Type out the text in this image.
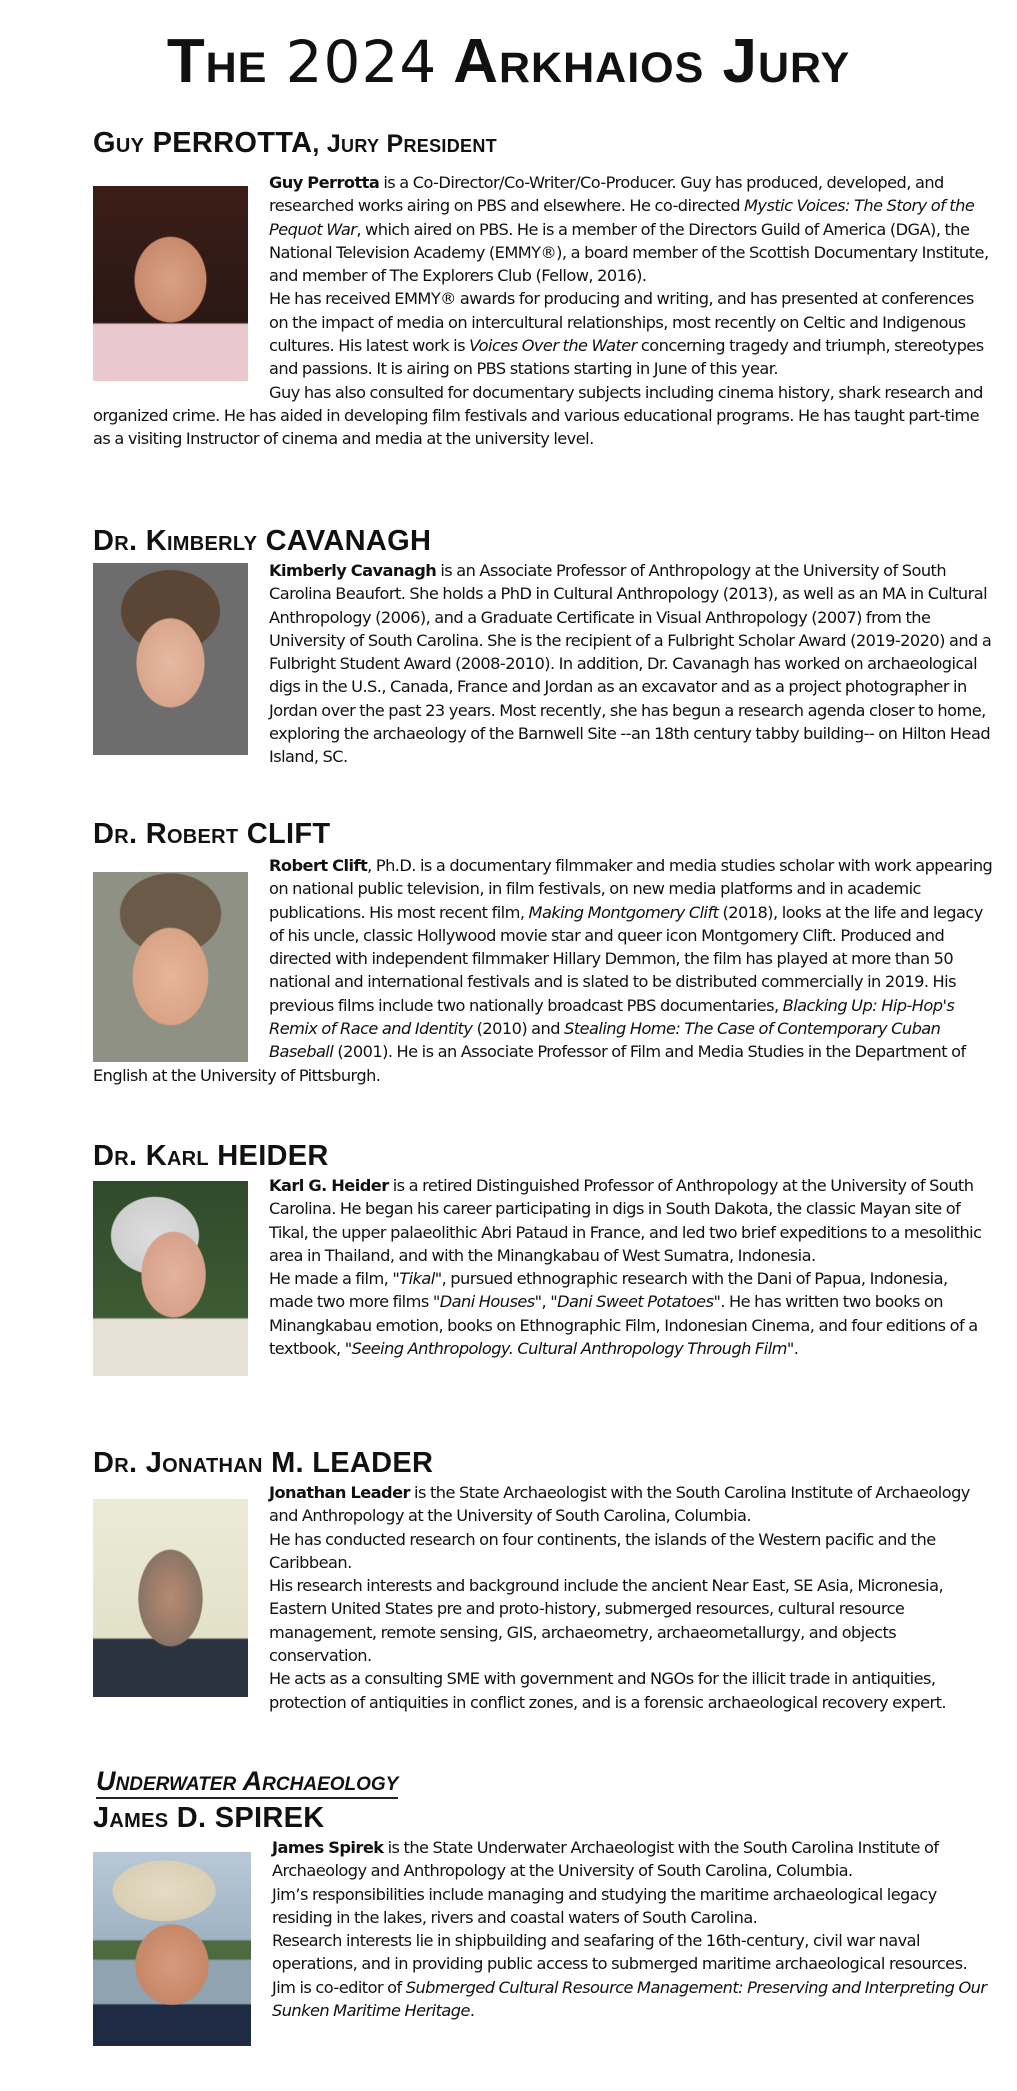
The 2024 Arkhaios Jury
Underwater Archaeology
Guy PERROTTA, Jury President

Guy Perrotta is a Co-Director/Co-Writer/Co-Producer. Guy has produced, developed, and researched works airing on PBS and elsewhere. He co-directed Mystic Voices: The Story of the Pequot War, which aired on PBS. He is a member of the Directors Guild of America (DGA), the National Television Academy (EMMY®), a board member of the Scottish Documentary Institute, and member of The Explorers Club (Fellow, 2016).

He has received EMMY® awards for producing and writing, and has presented at conferences on the impact of media on intercultural relationships, most recently on Celtic and Indigenous cultures. His latest work is Voices Over the Water concerning tragedy and triumph, stereotypes and passions. It is airing on PBS stations starting in June of this year.

Guy has also consulted for documentary subjects including cinema history, shark research and organized crime. He has aided in developing film festivals and various educational programs. He has taught part-time as a visiting Instructor of cinema and media at the university level.

Dr. Kimberly CAVANAGH

Kimberly Cavanagh is an Associate Professor of Anthropology at the University of South Carolina Beaufort. She holds a PhD in Cultural Anthropology (2013), as well as an MA in Cultural Anthropology (2006), and a Graduate Certificate in Visual Anthropology (2007) from the University of South Carolina. She is the recipient of a Fulbright Scholar Award (2019-2020) and a Fulbright Student Award (2008-2010). In addition, Dr. Cavanagh has worked on archaeological digs in the U.S., Canada, France and Jordan as an excavator and as a project photographer in Jordan over the past 23 years. Most recently, she has begun a research agenda closer to home, exploring the archaeology of the Barnwell Site --an 18th century tabby building-- on Hilton Head Island, SC.

Dr. Robert CLIFT

Robert Clift, Ph.D. is a documentary filmmaker and media studies scholar with work appearing on national public television, in film festivals, on new media platforms and in academic publications. His most recent film, Making Montgomery Clift (2018), looks at the life and legacy of his uncle, classic Hollywood movie star and queer icon Montgomery Clift. Produced and directed with independent filmmaker Hillary Demmon, the film has played at more than 50 national and international festivals and is slated to be distributed commercially in 2019. His previous films include two nationally broadcast PBS documentaries, Blacking Up: Hip-Hop's Remix of Race and Identity (2010) and Stealing Home: The Case of Contemporary Cuban Baseball (2001). He is an Associate Professor of Film and Media Studies in the Department of English at the University of Pittsburgh.

Dr. Karl HEIDER

Karl G. Heider is a retired Distinguished Professor of Anthropology at the University of South Carolina. He began his career participating in digs in South Dakota, the classic Mayan site of Tikal, the upper palaeolithic Abri Pataud in France, and led two brief expeditions to a mesolithic area in Thailand, and with the Minangkabau of West Sumatra, Indonesia.

He made a film, "Tikal", pursued ethnographic research with the Dani of Papua, Indonesia, made two more films "Dani Houses", "Dani Sweet Potatoes". He has written two books on Minangkabau emotion, books on Ethnographic Film, Indonesian Cinema, and four editions of a textbook, "Seeing Anthropology. Cultural Anthropology Through Film".

Dr. Jonathan M. LEADER

Jonathan Leader is the State Archaeologist with the South Carolina Institute of Archaeology and Anthropology at the University of South Carolina, Columbia.

He has conducted research on four continents, the islands of the Western pacific and the Caribbean.

His research interests and background include the ancient Near East, SE Asia, Micronesia, Eastern United States pre and proto-history, submerged resources, cultural resource management, remote sensing, GIS, archaeometry, archaeometallurgy, and objects conservation.

He acts as a consulting SME with government and NGOs for the illicit trade in antiquities, protection of antiquities in conflict zones, and is a forensic archaeological recovery expert.

James D. SPIREK

James Spirek is the State Underwater Archaeologist with the South Carolina Institute of Archaeology and Anthropology at the University of South Carolina, Columbia.

Jim’s responsibilities include managing and studying the maritime archaeological legacy residing in the lakes, rivers and coastal waters of South Carolina.

Research interests lie in shipbuilding and seafaring of the 16th-century, civil war naval operations, and in providing public access to submerged maritime archaeological resources.

Jim is co-editor of Submerged Cultural Resource Management: Preserving and Interpreting Our Sunken Maritime Heritage.
